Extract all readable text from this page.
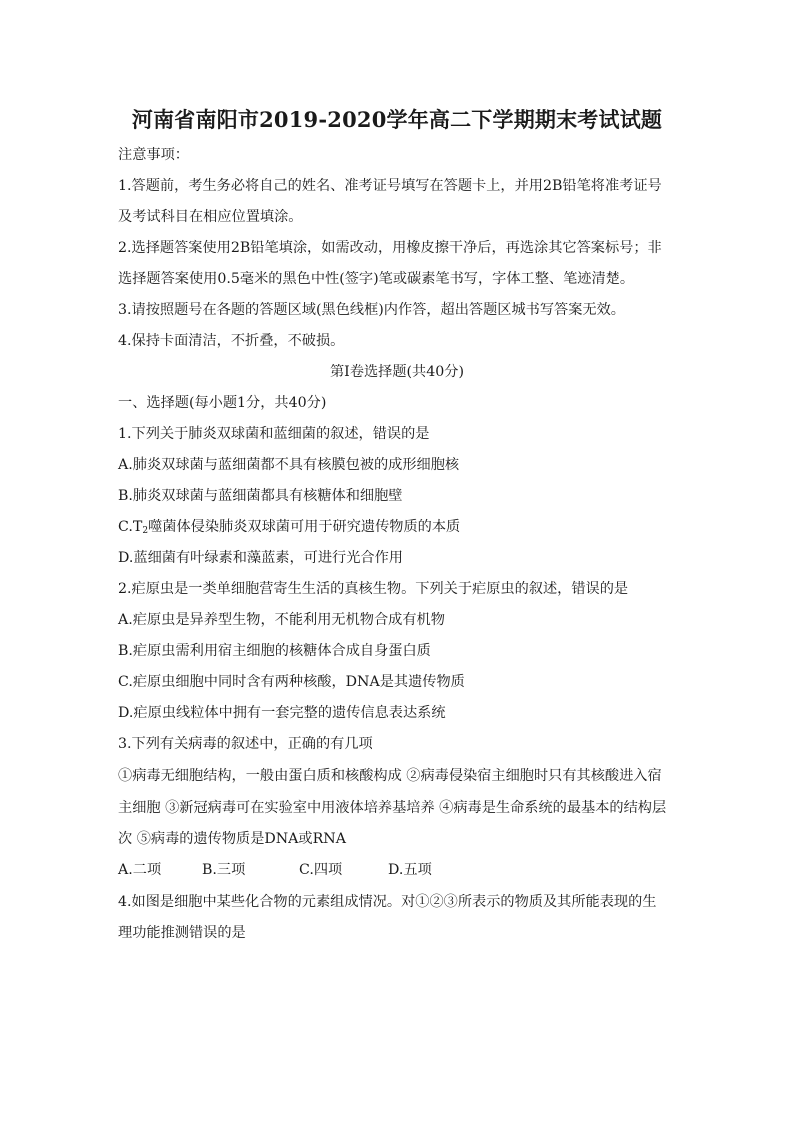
河南省南阳市2019-2020学年高二下学期期末考试试题
注意事项：
1.答题前，考生务必将自己的姓名、准考证号填写在答题卡上，并用2B铅笔将准考证号
及考试科目在相应位置填涂。
2.选择题答案使用2B铅笔填涂，如需改动，用橡皮擦干净后，再选涂其它答案标号；非
选择题答案使用0.5毫米的黑色中性(签字)笔或碳素笔书写，字体工整、笔迹清楚。
3.请按照题号在各题的答题区域(黑色线框)内作答，超出答题区城书写答案无效。
4.保持卡面清洁，不折叠，不破损。
第Ⅰ卷选择题(共40分)
一、选择题(每小题1分，共40分)
1.下列关于肺炎双球菌和蓝细菌的叙述，错误的是
A.肺炎双球菌与蓝细菌都不具有核膜包被的成形细胞核
B.肺炎双球菌与蓝细菌都具有核糖体和细胞壁
$C.T_2$噬菌体侵染肺炎双球菌可用于研究遗传物质的本质
D.蓝细菌有叶绿素和藻蓝素，可进行光合作用
2.疟原虫是一类单细胞营寄生生活的真核生物。下列关于疟原虫的叙述，错误的是
A.疟原虫是异养型生物，不能利用无机物合成有机物
B.疟原虫需利用宿主细胞的核糖体合成自身蛋白质
C.疟原虫细胞中同时含有两种核酸，DNA是其遗传物质
D.疟原虫线粒体中拥有一套完整的遗传信息表达系统
3.下列有关病毒的叙述中，正确的有几项
①病毒无细胞结构，一般由蛋白质和核酸构成 ②病毒侵染宿主细胞时只有其核酸进入宿
主细胞 ③新冠病毒可在实验室中用液体培养基培养 ④病毒是生命系统的最基本的结构层
次 ⑤病毒的遗传物质是DNA或RNA
A.二项	B.三项	C.四项	D.五项
4.如图是细胞中某些化合物的元素组成情况。对①②③所表示的物质及其所能表现的生
理功能推测错误的是
